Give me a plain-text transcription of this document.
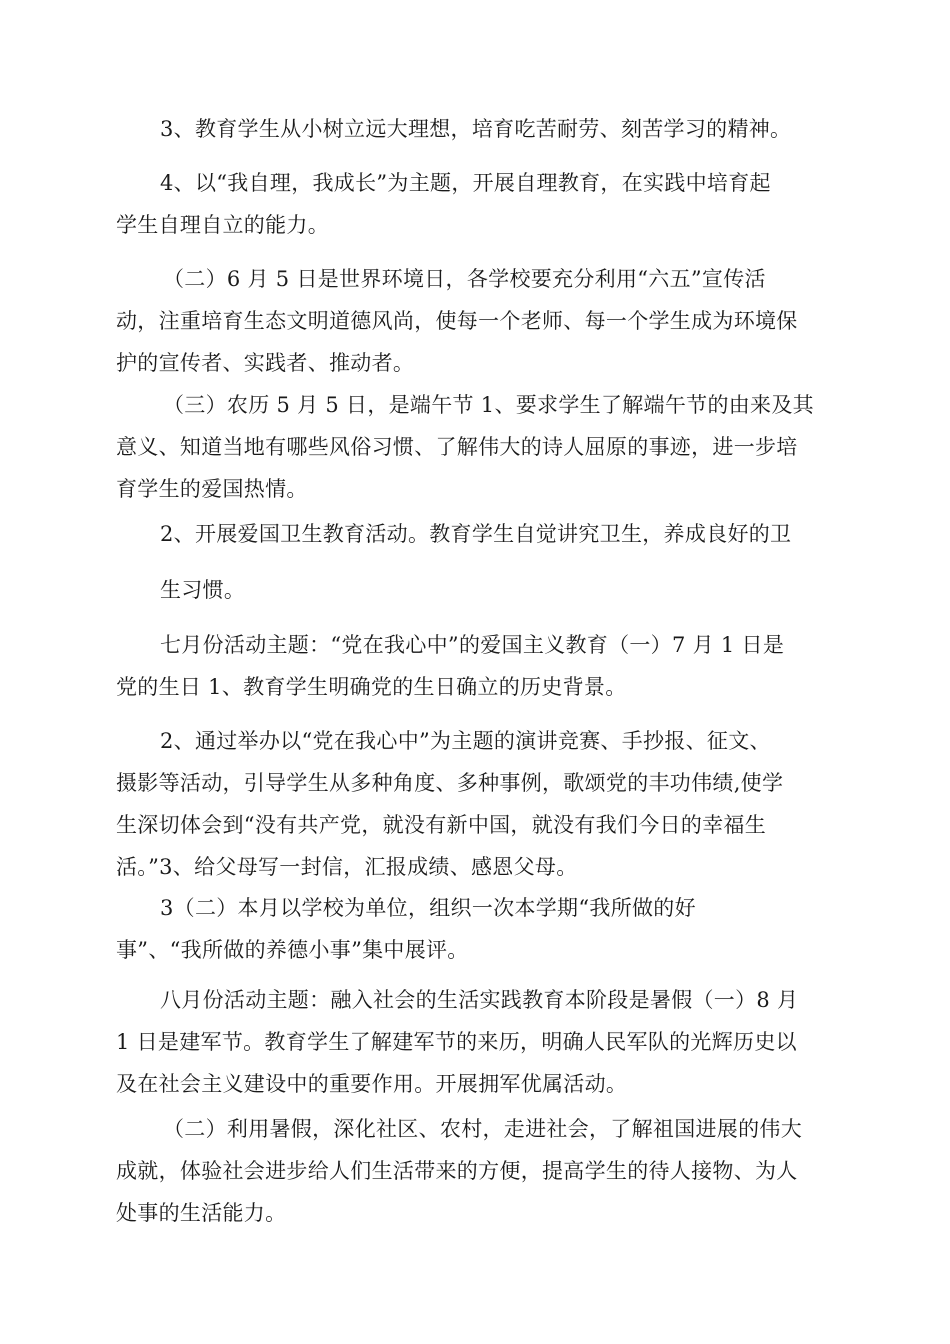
3、教育学生从小树立远大理想，培育吃苦耐劳、刻苦学习的精神。
4、以“我自理，我成长”为主题，开展自理教育，在实践中培育起
学生自理自立的能力。
（二）6 月 5 日是世界环境日，各学校要充分利用“六五”宣传活
动，注重培育生态文明道德风尚，使每一个老师、每一个学生成为环境保
护的宣传者、实践者、推动者。
（三）农历 5 月 5 日，是端午节 1、要求学生了解端午节的由来及其
意义、知道当地有哪些风俗习惯、了解伟大的诗人屈原的事迹，进一步培
育学生的爱国热情。
2、开展爱国卫生教育活动。教育学生自觉讲究卫生，养成良好的卫
生习惯。
七月份活动主题：“党在我心中”的爱国主义教育（一）7 月 1 日是
党的生日 1、教育学生明确党的生日确立的历史背景。
2、通过举办以“党在我心中”为主题的演讲竞赛、手抄报、征文、
摄影等活动，引导学生从多种角度、多种事例，歌颂党的丰功伟绩,使学
生深切体会到“没有共产党，就没有新中国，就没有我们今日的幸福生
活。”3、给父母写一封信，汇报成绩、感恩父母。
3（二）本月以学校为单位，组织一次本学期“我所做的好
事”、“我所做的养德小事”集中展评。
八月份活动主题：融入社会的生活实践教育本阶段是暑假（一）8 月
1 日是建军节。教育学生了解建军节的来历，明确人民军队的光辉历史以
及在社会主义建设中的重要作用。开展拥军优属活动。
（二）利用暑假，深化社区、农村，走进社会，了解祖国进展的伟大
成就，体验社会进步给人们生活带来的方便，提高学生的待人接物、为人
处事的生活能力。
